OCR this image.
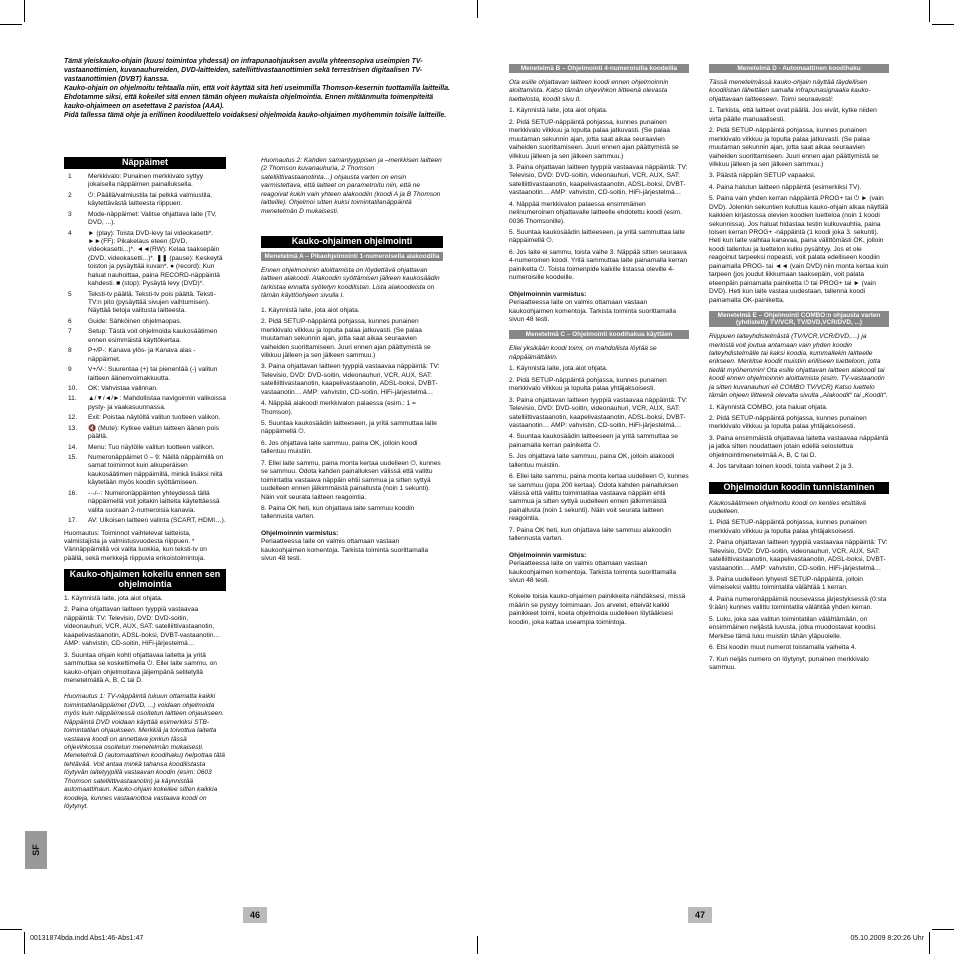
Tämä yleiskauko-ohjain (kuusi toimintoa yhdessä) on infrapunaohjauksen avulla yhteensopiva useimpien TV-vastaanottimien, kuvanauhureiden, DVD-laitteiden, satelliittivastaanottimien sekä terrestrisen digitaalisen TV-vastaanottimien (DVBT) kanssa.

Kauko-ohjain on ohjelmoitu tehtaalla niin, että voit käyttää sitä heti useimmilla Thomson-kesernin tuottamilla laitteilla. Ehdotamme siksi, että kokeilet sitä ennen tämän ohjeen mukaista ohjelmointia. Ennen mitäänmuita toimenpiteitä kauko-ohjaimeen on asetettava 2 paristoa (AAA).

Pidä tallessa tämä ohje ja erillinen koodiluettelo voidaksesi ohjelmoida kauko-ohjaimen myöhemmin toisille laitteille.

Näppäimet
1	Merkkivalo: Punainen merkkivalo syttyy jokaisella näppäimen painalluksella.
2	⏻: Päällä/valmiustila tai pelkkä valmiustila, käytettävästä laitteesta riippuen.
3	Mode-näppäimet: Valitse ohjattava laite (TV, DVD, ...).
4	► (play): Toista DVD-levy tai videokasetti*. ►►(FF): Pikakelaus eteen (DVD, videokasetti...)*. ◄◄(RW): Kelaa taaksepäin (DVD, videokasetti...)*. ❚❚ (pause): Keskeytä toiston ja pysäyttää kuvan*. ● (record): Kun haluat nauhoittaa, paina RECORD-näppäintä kahdesti. ■ (stop): Pysäytä levy (DVD)*.
5	Teksti-tv päällä. Teksti-tv pois päältä. Teksti-TV:n pito (pysäyttää sivujen vaihtumisen). Näyttää tietoja valitusta laitteesta.
6	Guide: Sähköinen ohjelmaopas.
7	Setup: Tästä voit ohjelmoida kaukosäätimen ennen esimmäistä käyttökertaa.
8	P+/P-: Kanava ylös- ja Kanava alas -näppäimet.
9	V+/V-: Suurentaa (+) tai pienentää (-) valitun laitteen äänenvoimakkuutta.
10.	OK: Vahvistaa valinnan.
11.	▲/▼/◄/►: Mahdollistaa navigoinnin valikoissa pysty- ja vaakasuunnassa.
12.	Exit: Poistaa näytöltä valitun tuotteen valikon.
13.	🔇 (Mute): Kytkee valitun laitteen äänen pois päältä.
14.	Menu: Tuo näytölle valitun tuotteen valikon.
15.	Numeronäppäimet 0 – 9: Näillä näppäimillä on samat toiminnot kuin alkuperäisen kaukosäätimen näppäimillä, minkä lisäksi niitä käytetään myös koodin syöttämiseen.
16.	-·-/-·: Numeronäppäinten yhteydessä tällä näppäimellä voit joitakin laitteita käytettäessä valita suoraan 2-numeroisia kanavia.
17.	AV: Ulkoisen laitteen valinta (SCART, HDMI…).

Huomautus: Toiminnot vaihtelevat laitteista, valmistajista ja valmistusvuodesta riippuen. * Värinäppäimillä voi valita luokkia, kun teksti-tv on päällä, sekä merkkejä riippuvia erikoistoimintoja.

Kauko-ohjaimen kokeilu ennen sen ohjelmointia

1. Käynnistä laite, jota aiot ohjata.

2. Paina ohjattavan laitteen tyyppiä vastaavaa näppäintä: TV: Televisio, DVD: DVD-soitin, videonauhuri, VCR, AUX, SAT: satelliittivastaanotin, kaapelivastaanotin, ADSL-boksi, DVBT-vastaanotin… AMP: vahvistin, CD-soitin, HiFi-järjestelmä…

3. Suuntaa ohjain kohti ohjattavaa laitetta ja yritä sammuttaa se koskettimella ⏻. Ellei laite sammu, on kauko-ohjain ohjelmoitava jäljempänä selitetyllä menetelmällä A, B, C tai D.

Huomautus 1: TV-näppäintä lukuun ottamatta kaikki toimintatilanäppäimet (DVD, ...) voidaan ohjelmoida myös kuin näppäimessä osoitetun laitteen ohjaukseen. Näppäintä DVD voidaan käyttää esimerkiksi STB-toimintatilan ohjaukseen. Merkkiä ja toivottua laitetta vastaava koodi on annettava jonkun tässä ohjevihkossa osoitetun menetelmän mukaisesti. Menetelmä D (automaattinen koodihaku) helpottaa tätä tehtävää. Voit antaa minkä tahansa koodilistasta löytyvän laitetyypillä vastaavan koodin (esim: 0603 Thomson satelliittivastaanotin) ja käynnistää automaattihaun. Kauko-ohjain kokeilee sitten kaikkia koodeja, kunnes vastaanottoa vastaava koodi on löytynyt.

Huomautus 2: Kahden samantyyppisen ja –merkkisen laitteen (2 Thomson kuvanauhuria, 2 Thomson satelliittivastaanotinta…) ohjausta varten on ensin varmistettava, että laitteet on parametroitu niin, että ne reagoivat kukin vain yhteen alakoodiin (koodi A ja B Thomson laitteille). Ohjelmoi sitten kuksi toimintatilanäppäintä menetelmän D mukaisesti.

Kauko-ohjaimen ohjelmointi
Menetelmä A – Pikaohjelmointi 1-numeroisella alakoodilla

Ennen ohjelmoinnin aloittamista on löydettävä ohjattavan laitteen alakoodi. Alakoodin syöttämisen jälkeen kaukosäädin tarkistaa ennalta syötetyn koodilistan. Lista alakoodeista on tämän käyttöohjeen sivulla I.

1. Käynnistä laite, jota aiot ohjata.

2. Pidä SETUP-näppäintä pohjassa, kunnes punainen merkkivalo vilkkuu ja lopulta palaa jatkuvasti. (Se palaa muutaman sekunnin ajan, jotta saat aikaa seuraavien vaiheiden suorittamiseen. Juuri ennen ajan päättymistä se vilkkuu jälleen ja sen jälkeen sammuu.)

3. Paina ohjattavan laitteen tyyppiä vastaavaa näppäintä: TV: Televisio, DVD: DVD-soitin, videonauhuri, VCR, AUX, SAT: satelliittivastaanotin, kaapelivastaanotin, ADSL-boksi, DVBT-vastaanotin… AMP: vahvistin, CD-soitin, HiFi-järjestelmä…

4. Näppää alakoodi merkkivalon palaessa (esim.: 1 = Thomson).

5. Suuntaa kaukosäädin laitteeseen, ja yritä sammuttaa laite näppäimellä ⏻.

6. Jos ohjattava laite sammuu, paina OK, jolloin koodi tallentuu muistiin.

7. Ellei laite sammu, paina monta kertaa uudelleen ⏻, kunnes se sammuu. Odota kahden painalluksen välissä että valittu toimintatila vastaava näppäin ehtii sammua ja sitten syttyä uudelleen ennen jälkimmäistä painallusta (noin 1 sekunti). Näin voit seurata laitteen reagointia.

8. Paina OK heti, kun ohjattava laite sammuu koodin tallennusta varten.

Ohjelmoinnin varmistus:

Periaatteessa laite on valmis ottamaan vastaan kaukoohjaimen komentoja. Tarkista toiminta suorittamalla sivun 48 testi.

Menetelmä B – Ohjelmointi 4-numeroisilla koodeilla

Ota esille ohjattavan laitteen koodi ennen ohjelmoinnin aloittamista. Katso tämän ohjevihkon liitteenä olevasta luettelosta, koodit sivu II.

1. Käynnistä laite, jota aiot ohjata.

2. Pidä SETUP-näppäintä pohjassa, kunnes punainen merkkivalo vilkkuu ja lopulta palaa jatkuvasti. (Se palaa muutaman sekunnin ajan, jotta saat aikaa seuraavien vaiheiden suorittamiseen. Juuri ennen ajan päättymistä se vilkkuu jälleen ja sen jälkeen sammuu.)

3. Paina ohjattavan laitteen tyyppiä vastaavaa näppäintä: TV: Televisio, DVD: DVD-soitin, videonauhuri, VCR, AUX, SAT: satelliittivastaanotin, kaapelivastaanotin, ADSL-boksi, DVBT-vastaanotin… AMP: vahvistin, CD-soitin, HiFi-järjestelmä…

4. Näppää merkkivalon palaessa ensimmäinen nelinumeroinen ohjattavalle laitteelle ehdotettu koodi (esim. 0036 Thomsonille).

5. Suuntaa kaukosäädin laitteeseen, ja yritä sammuttaa laite näppäimellä ⏻.

6. Jos laite ei sammu, toista vaihe 3. Näppää sitten seuraava 4-numeroinen koodi. Yritä sammuttaa laite painamalla kerran painiketta ⏻. Toista toimenpide kaikille listassa oleville 4-numeroisille koodeille.

Ohjelmoinnin varmistus:

Periaatteessa laite on valmis ottamaan vastaan kaukoohjaimen komentoja. Tarkista toiminta suorittamalla sivun 48 testi.

Menetelmä C – Ohjelmointi koodihakua käyttäen

Ellei yksikään koodi toimi, on mahdollista löytää se näppäämättäkin.

1. Käynnistä laite, jota aiot ohjata.

2. Pidä SETUP-näppäintä pohjassa, kunnes punainen merkkivalo vilkkuu ja lopulta palaa yhtäjaksoisesti.

3. Paina ohjattavan laitteen tyyppiä vastaavaa näppäintä: TV: Televisio, DVD: DVD-soitin, videonauhuri, VCR, AUX, SAT: satelliittivastaanotin, kaapelivastaanotin, ADSL-boksi, DVBT-vastaanotin… AMP: vahvistin, CD-soitin, HiFi-järjestelmä…

4. Suuntaa kaukosäädin laitteeseen ja yritä sammuttaa se painamalla kerran painiketta ⏻.

5. Jos ohjattava laite sammuu, paina OK, jolloin alakoodi tallentuu muistiin.

6. Ellei laite sammu, paina monta kertaa uudelleen ⏻, kunnes se sammuu (jopa 200 kertaa). Odota kahden painalluksen välissä että valittu toimintatilaa vastaava näppäin ehtii sammua ja sitten syttyä uudelleen ennen jälkimmäistä painallusta (noin 1 sekunti). Näin voit seurata laitteen reagointia.

7. Paina OK heti, kun ohjattava laite sammuu alakoodin tallennusta varten.

Ohjelmoinnin varmistus:

Periaatteessa laite on valmis ottamaan vastaan kaukoohjaimen komentoja. Tarkista toiminta suorittamalla sivun 48 testi.

Kokeile toisia kauko-ohjaimen painikkeita nähdäksesi, missä määrin se pystyy toimimaan. Jos arvelet, etteivät kaikki painikkeet toimi, koeta ohjelmoida uudelleen löytääksesi koodin, joka kattaa useampia toimintoja.

Menetelmä D - Automaattinen koodihaku

Tässä menetelmässä kauko-ohjain näyttää täydellisen koodilistan lähettäen samalla infrapunasignaalia kauko-ohjattavaan laitteeseen. Toimi seuraavasti:

1. Tarkista, että laitteet ovat päällä. Jos eivät, kytke niiden virta päälle manuaalisesti.

2. Pidä SETUP-näppäintä pohjassa, kunnes punainen merkkivalo vilkkuu ja lopulta palaa jatkuvasti. (Se palaa muutaman sekunnin ajan, jotta saat aikaa seuraavien vaiheiden suorittamiseen. Juuri ennen ajan päättymistä se vilkkuu jälleen ja sen jälkeen sammuu.)

3. Päästä näppäin SETUP vapaaksi.

4. Paina halutun laitteen näppäintä (esimerkiksi TV).

5. Paina vain yhden kerran näppäintä PROG+ tai ⏻ ► (vain DVD). Jolenkin sekuntien kuluttua kauko-ohjain alkaa näyttää kaikkien kirjastossa olevien koodien luetteloa (noin 1 koodi sekunnissa). Jos haluat hidastaa testin kulkuvauhtia, paina toisen kerran PROG+ -näppäintä (1 koodi joka 3. sekunti). Heti kun laite vaihtaa kanavaa, paina välittömästi OK, jolloin koodi tallentuu ja luettelon kulku pysähtyy. Jos et ole reagoinut tarpeeksi nopeasti, voit palata edelliseen koodiin painamalla PROG- tai ◄◄ (vain DVD) niin monta kertaa kuin tarpeen (jos joudut liikkumaan taaksepäin, voit palata eteenpäin painamalla painiketta ⏻ tai PROG+ tai ► (vain DVD). Heti kun laite vastaa uudestaan, tallenna koodi painamalla OK-painiketta.

Menetelmä E – Ohjelmointi COMBO:n ohjausta varten (yhdistetty TV/VCR, TV/DVD,VCR/DVD, ...)

Riippuen laiteyhdistelmästä (TV/VCR,VCR/DVD,…) ja merkistä voit joutua antamaan vain yhden koodin laiteyhdistelmälle tai kaksi koodia, kummallekin laitteelle erikseen. Merkitse koodit muistiin erilliseen luetteloon, jotta tiedät myöhemmin! Ota esille ohjattavan laitteen alakoodi tai koodi ennen ohjelmoinnin aloittamista (esim. TV-vastaanotin ja sitten kuvanauhuri eli COMBO TV/VCR) Katso luettelo tämän ohjeen liitteenä olevalta sivulta „Alakoodit“ tai „Koodit“.

1. Käynnistä COMBO, jota haluat ohjata.

2. Pidä SETUP-näppäintä pohjassa, kunnes punainen merkkivalo vilkkuu ja lopulta palaa yhtäjaksoisesti.

3. Paina ensimmäistä ohjattavaa laitetta vastaavaa näppäintä ja jatka sitten noudattaen jotain edellä selostettua ohjelmointimenetelmää A, B, C tai D.

4. Jos tarvitaan toinen koodi, toista vaiheet 2 ja 3.

Ohjelmoidun koodin tunnistaminen

Kaukosäätimeen ohjelmoitu koodi on kenties etsittävä uudelleen.

1. Pidä SETUP-näppäintä pohjassa, kunnes punainen merkkivalo vilkkuu ja lopulta palaa yhtäjaksoisesti.

2. Paina ohjattavan laitteen tyyppiä vastaavaa näppäintä: TV: Televisio, DVD: DVD-soitin, videonauhuri, VCR, AUX, SAT: satelliittivastaanotin, kaapelivastaanotin, ADSL-boksi, DVBT-vastaanotin… AMP: vahvistin, CD-soitin, HiFi-järjestelmä…

3. Paina uudelleen lyhyesti SETUP-näppäintä, jolloin viimeiseksi valittu toimintatila välähtää 1 kerran.

4. Paina numeronäppäimiä nousevassa järjestyksessä (0:sta 9:ään) kunnes valittu toimintatila välähtää yhden kerran.

5. Luku, joka saa valitun toimintatilan välähtämään, on ensimmäinen neljästä luvusta, jotka muodostavat koodisi. Merkitse tämä luku muistiin tähän yläpuolelle.

6. Etsi koodin muut numerot toistamalla vaiheita 4.

7. Kun neljäs numero on löytynyt, punainen merkkivalo sammuu.

46	47
SF
00131874bda.indd Abs1:46-Abs1:47	05.10.2009 8:20:26 Uhr
